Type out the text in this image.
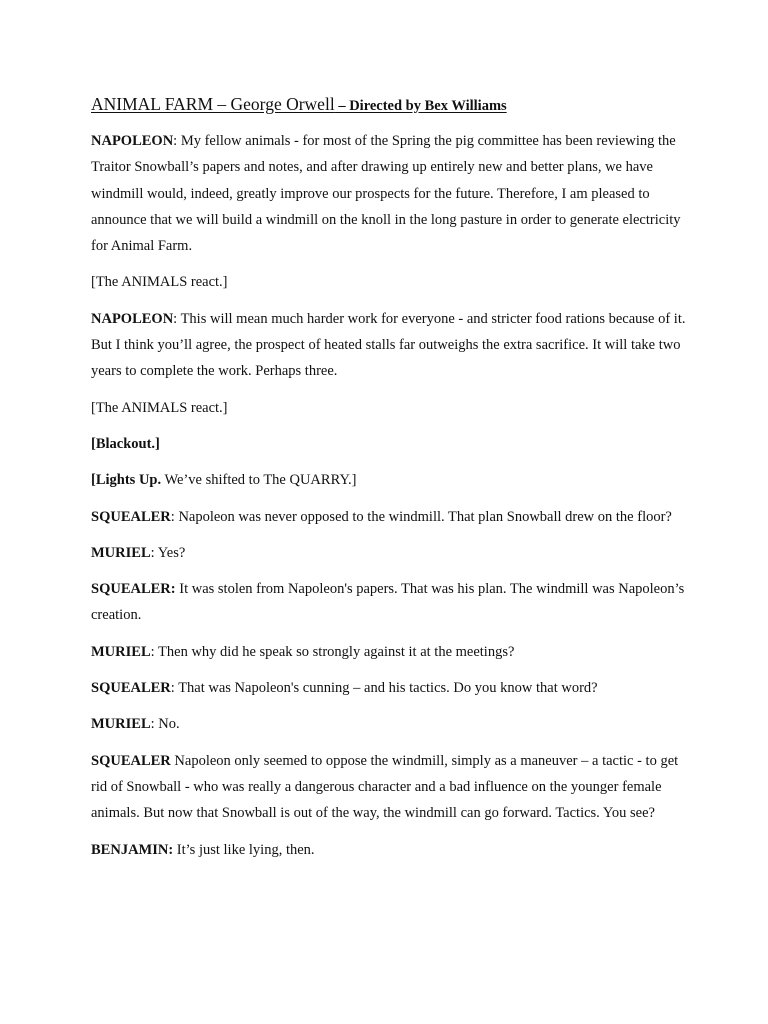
ANIMAL FARM – George Orwell – Directed by Bex Williams

NAPOLEON: My fellow animals - for most of the Spring the pig committee has been reviewing the Traitor Snowball’s papers and notes, and after drawing up entirely new and better plans, we have windmill would, indeed, greatly improve our prospects for the future. Therefore, I am pleased to announce that we will build a windmill on the knoll in the long pasture in order to generate electricity for Animal Farm.

[The ANIMALS react.]

NAPOLEON: This will mean much harder work for everyone - and stricter food rations because of it. But I think you’ll agree, the prospect of heated stalls far outweighs the extra sacrifice. It will take two years to complete the work. Perhaps three.

[The ANIMALS react.]

[Blackout.]

[Lights Up. We’ve shifted to The QUARRY.]

SQUEALER: Napoleon was never opposed to the windmill. That plan Snowball drew on the floor?

MURIEL: Yes?

SQUEALER: It was stolen from Napoleon's papers. That was his plan. The windmill was Napoleon’s creation.

MURIEL: Then why did he speak so strongly against it at the meetings?

SQUEALER: That was Napoleon's cunning – and his tactics. Do you know that word?

MURIEL: No.

SQUEALER Napoleon only seemed to oppose the windmill, simply as a maneuver – a tactic - to get rid of Snowball - who was really a dangerous character and a bad influence on the younger female animals. But now that Snowball is out of the way, the windmill can go forward. Tactics. You see?

BENJAMIN: It’s just like lying, then.
